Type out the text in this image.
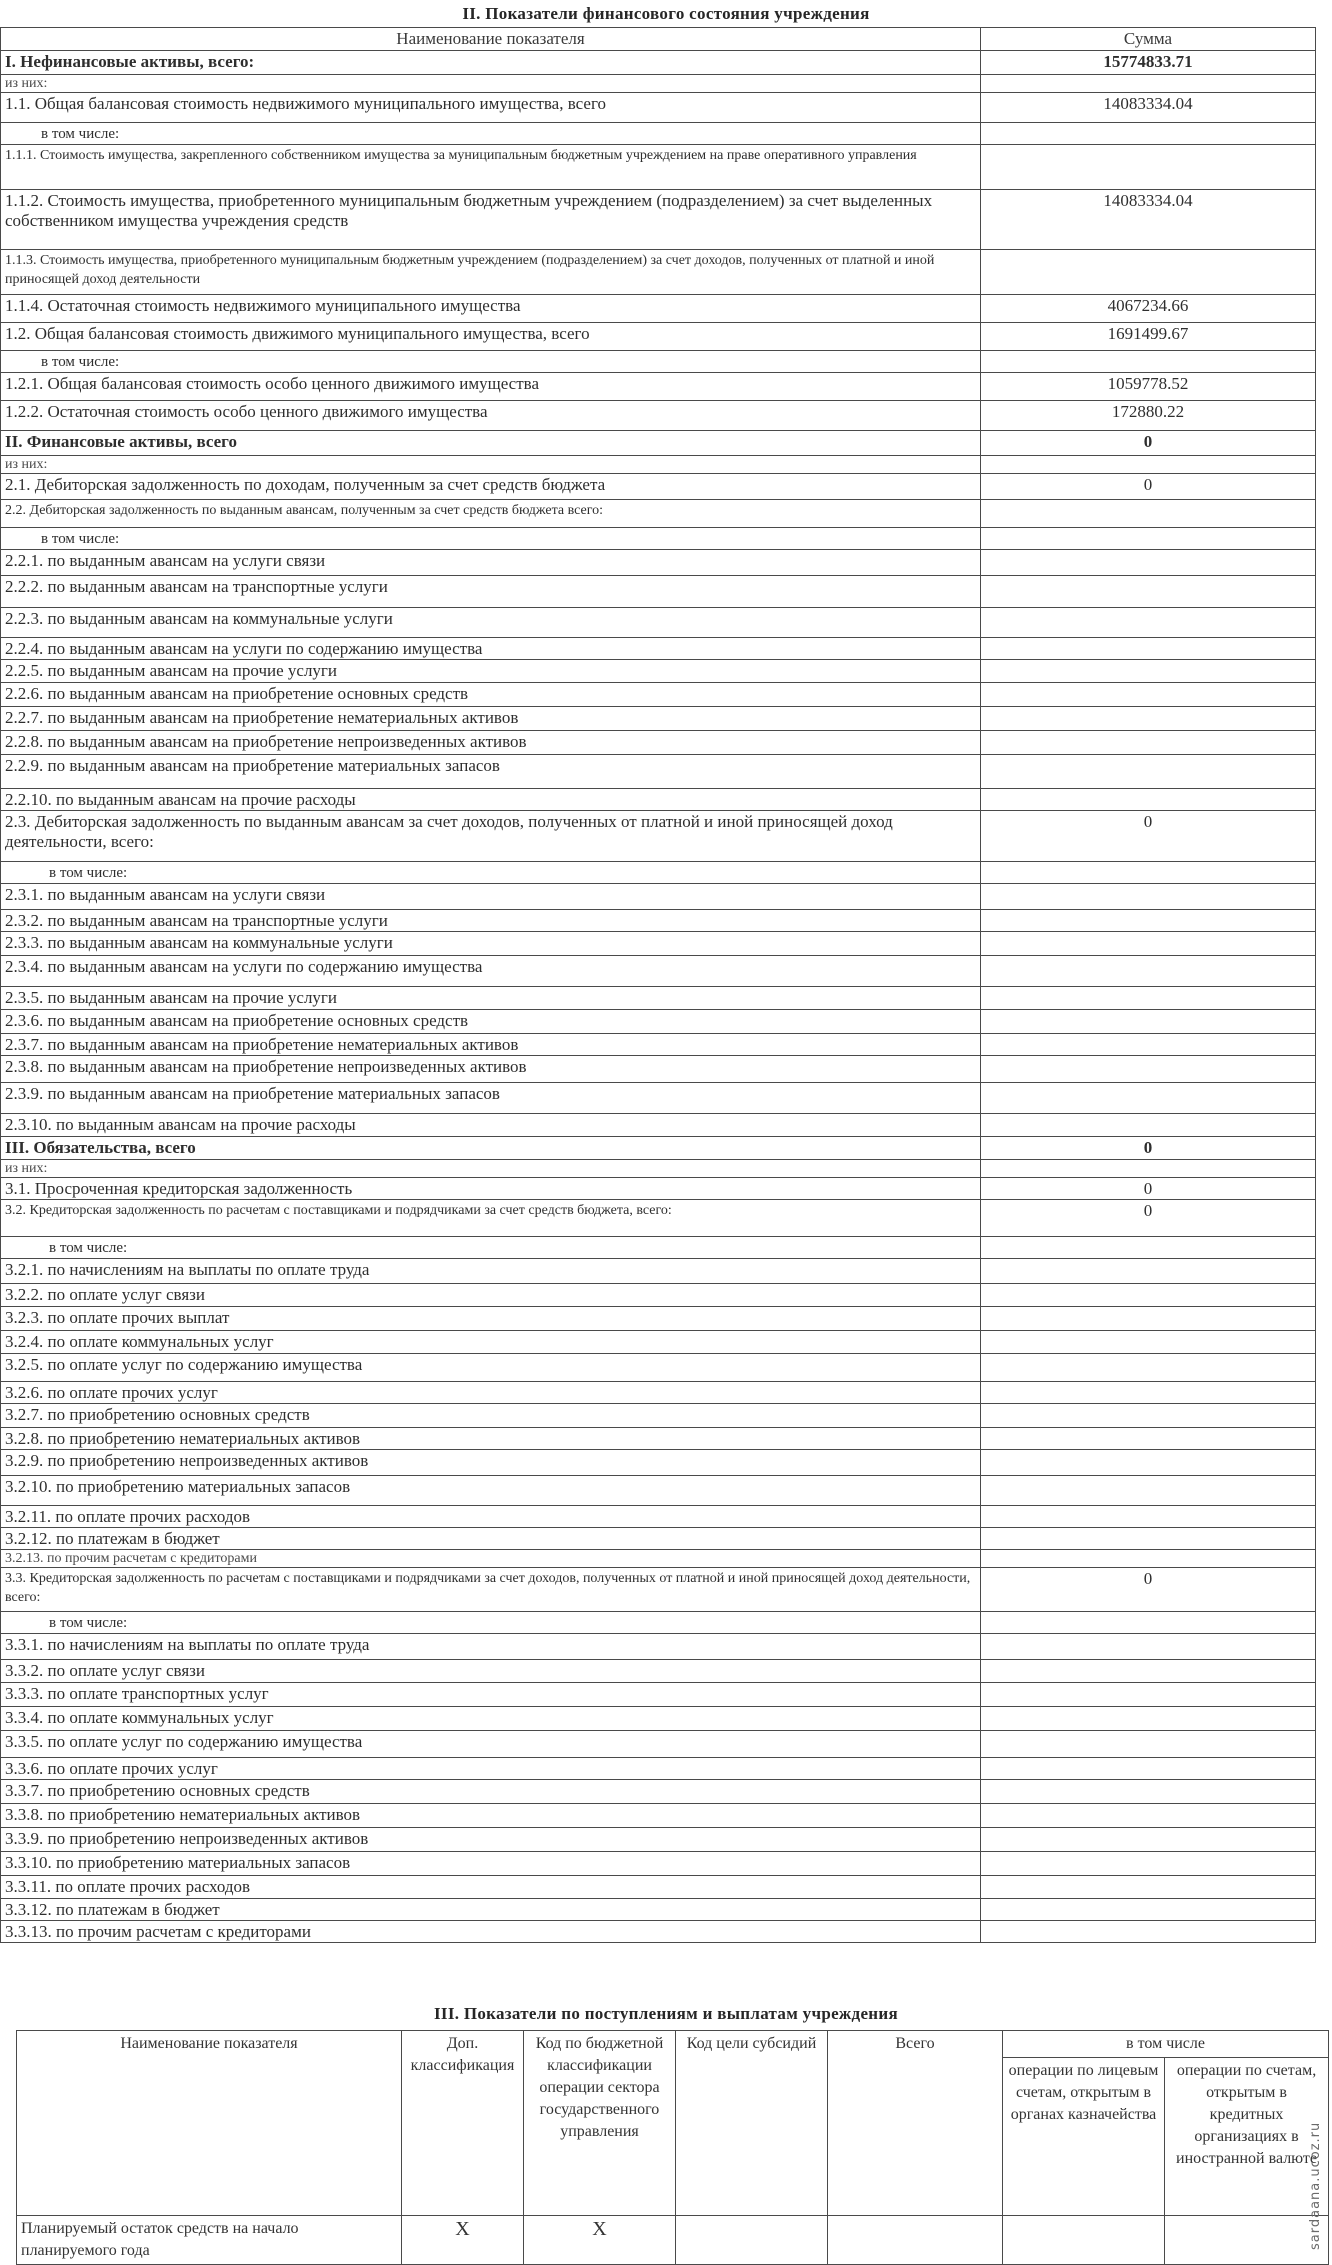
II. Показатели финансового состояния учреждения
Наименование показателя	Сумма
I. Нефинансовые активы, всего:	15774833.71
из них:	
1.1. Общая балансовая стоимость недвижимого муниципального имущества, всего	14083334.04
в том числе:	
1.1.1. Стоимость имущества, закрепленного собственником имущества за муниципальным бюджетным учреждением на праве оперативного управления	
1.1.2. Стоимость имущества, приобретенного муниципальным бюджетным учреждением (подразделением) за счет выделенных собственником имущества учреждения средств	14083334.04
1.1.3. Стоимость имущества, приобретенного муниципальным бюджетным учреждением (подразделением) за счет доходов, полученных от платной и иной приносящей доход деятельности	
1.1.4. Остаточная стоимость недвижимого муниципального имущества	4067234.66
1.2. Общая балансовая стоимость движимого муниципального имущества, всего	1691499.67
в том числе:	
1.2.1. Общая балансовая стоимость особо ценного движимого имущества	1059778.52
1.2.2. Остаточная стоимость особо ценного движимого имущества	172880.22
II. Финансовые активы, всего	0
из них:	
2.1. Дебиторская задолженность по доходам, полученным за счет средств бюджета	0
2.2. Дебиторская задолженность по выданным авансам, полученным за счет средств бюджета всего:	
в том числе:	
2.2.1. по выданным авансам на услуги связи	
2.2.2. по выданным авансам на транспортные услуги	
2.2.3. по выданным авансам на коммунальные услуги	
2.2.4. по выданным авансам на услуги по содержанию имущества	
2.2.5. по выданным авансам на прочие услуги	
2.2.6. по выданным авансам на приобретение основных средств	
2.2.7. по выданным авансам на приобретение нематериальных активов	
2.2.8. по выданным авансам на приобретение непроизведенных активов	
2.2.9. по выданным авансам на приобретение материальных запасов	
2.2.10. по выданным авансам на прочие расходы	
2.3. Дебиторская задолженность по выданным авансам за счет доходов, полученных от платной и иной приносящей доход деятельности, всего:	0
в том числе:	
2.3.1. по выданным авансам на услуги связи	
2.3.2. по выданным авансам на транспортные услуги	
2.3.3. по выданным авансам на коммунальные услуги	
2.3.4. по выданным авансам на услуги по содержанию имущества	
2.3.5. по выданным авансам на прочие услуги	
2.3.6. по выданным авансам на приобретение основных средств	
2.3.7. по выданным авансам на приобретение нематериальных активов	
2.3.8. по выданным авансам на приобретение непроизведенных активов	
2.3.9. по выданным авансам на приобретение материальных запасов	
2.3.10. по выданным авансам на прочие расходы	
III. Обязательства, всего	0
из них:	
3.1. Просроченная кредиторская задолженность	0
3.2. Кредиторская задолженность по расчетам с поставщиками и подрядчиками за счет средств бюджета, всего:	0
в том числе:	
3.2.1. по начислениям на выплаты по оплате труда	
3.2.2. по оплате услуг связи	
3.2.3. по оплате прочих выплат	
3.2.4. по оплате коммунальных услуг	
3.2.5. по оплате услуг по содержанию имущества	
3.2.6. по оплате прочих услуг	
3.2.7. по приобретению основных средств	
3.2.8. по приобретению нематериальных активов	
3.2.9. по приобретению непроизведенных активов	
3.2.10. по приобретению материальных запасов	
3.2.11. по оплате прочих расходов	
3.2.12. по платежам в бюджет	
3.2.13. по прочим расчетам с кредиторами	
3.3. Кредиторская задолженность по расчетам с поставщиками и подрядчиками за счет доходов, полученных от платной и иной приносящей доход деятельности, всего:	0
в том числе:	
3.3.1. по начислениям на выплаты по оплате труда	
3.3.2. по оплате услуг связи	
3.3.3. по оплате транспортных услуг	
3.3.4. по оплате коммунальных услуг	
3.3.5. по оплате услуг по содержанию имущества	
3.3.6. по оплате прочих услуг	
3.3.7. по приобретению основных средств	
3.3.8. по приобретению нематериальных активов	
3.3.9. по приобретению непроизведенных активов	
3.3.10. по приобретению материальных запасов	
3.3.11. по оплате прочих расходов	
3.3.12. по платежам в бюджет	
3.3.13. по прочим расчетам с кредиторами	
III. Показатели по поступлениям и выплатам учреждения
Наименование показателя	Доп. классификация	Код по бюджетной классификации операции сектора государственного управления	Код цели субсидий	Всего	в том числе	
					операции по лицевым счетам, открытым в органах казначейства	операции по счетам, открытым в кредитных организациях в иностранной валюте
Планируемый остаток средств на начало планируемого года	X	X					sardaana.ucoz.ru
